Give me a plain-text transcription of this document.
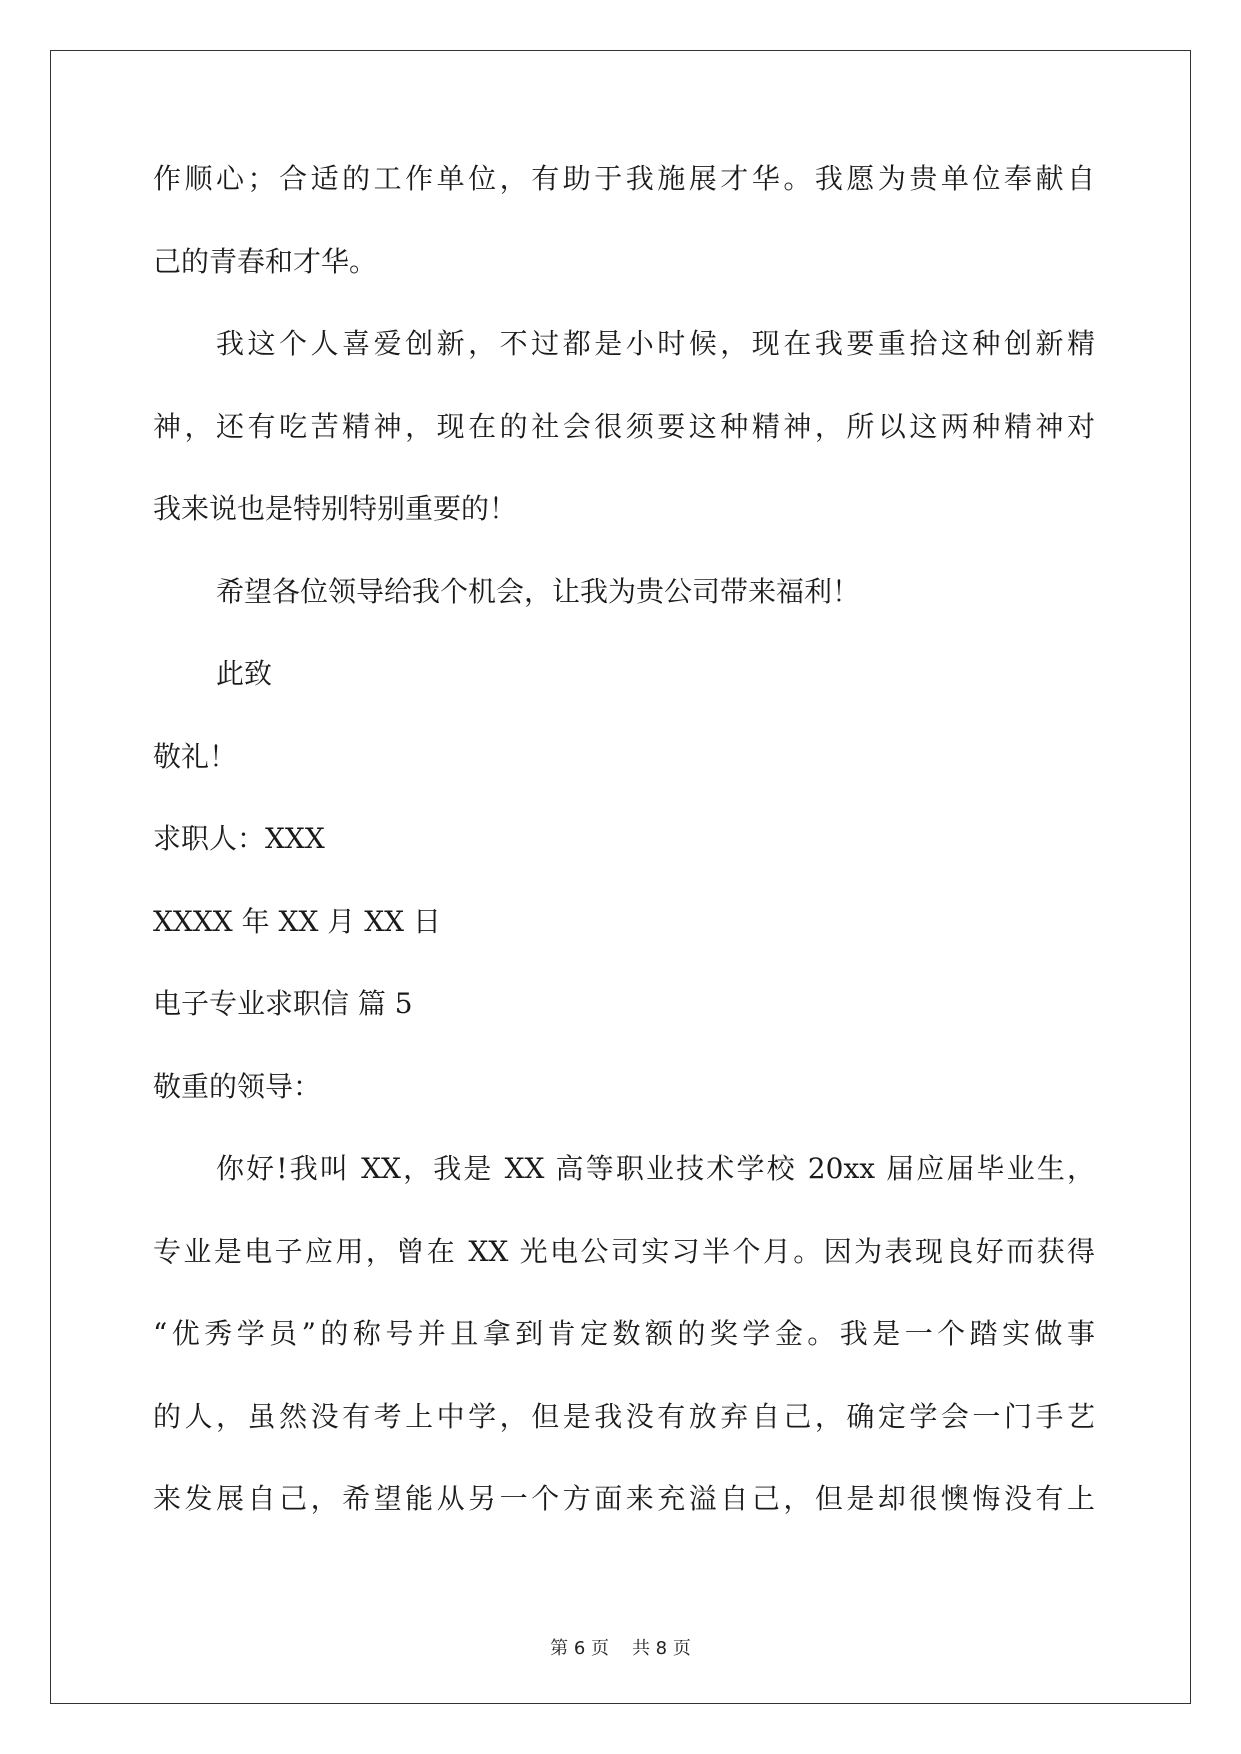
作顺心；合适的工作单位，有助于我施展才华。我愿为贵单位奉献自
己的青春和才华。
我这个人喜爱创新，不过都是小时候，现在我要重拾这种创新精
神，还有吃苦精神，现在的社会很须要这种精神，所以这两种精神对
我来说也是特别特别重要的！
希望各位领导给我个机会，让我为贵公司带来福利！
此致
敬礼！
求职人：XXX
XXXX 年 XX 月 XX 日
电子专业求职信 篇 5
敬重的领导：
你好!我叫 XX，我是 XX 高等职业技术学校 20xx 届应届毕业生，
专业是电子应用，曾在 XX 光电公司实习半个月。因为表现良好而获得
“优秀学员”的称号并且拿到肯定数额的奖学金。我是一个踏实做事
的人，虽然没有考上中学，但是我没有放弃自己，确定学会一门手艺
来发展自己，希望能从另一个方面来充溢自己，但是却很懊悔没有上
第 6 页    共 8 页
